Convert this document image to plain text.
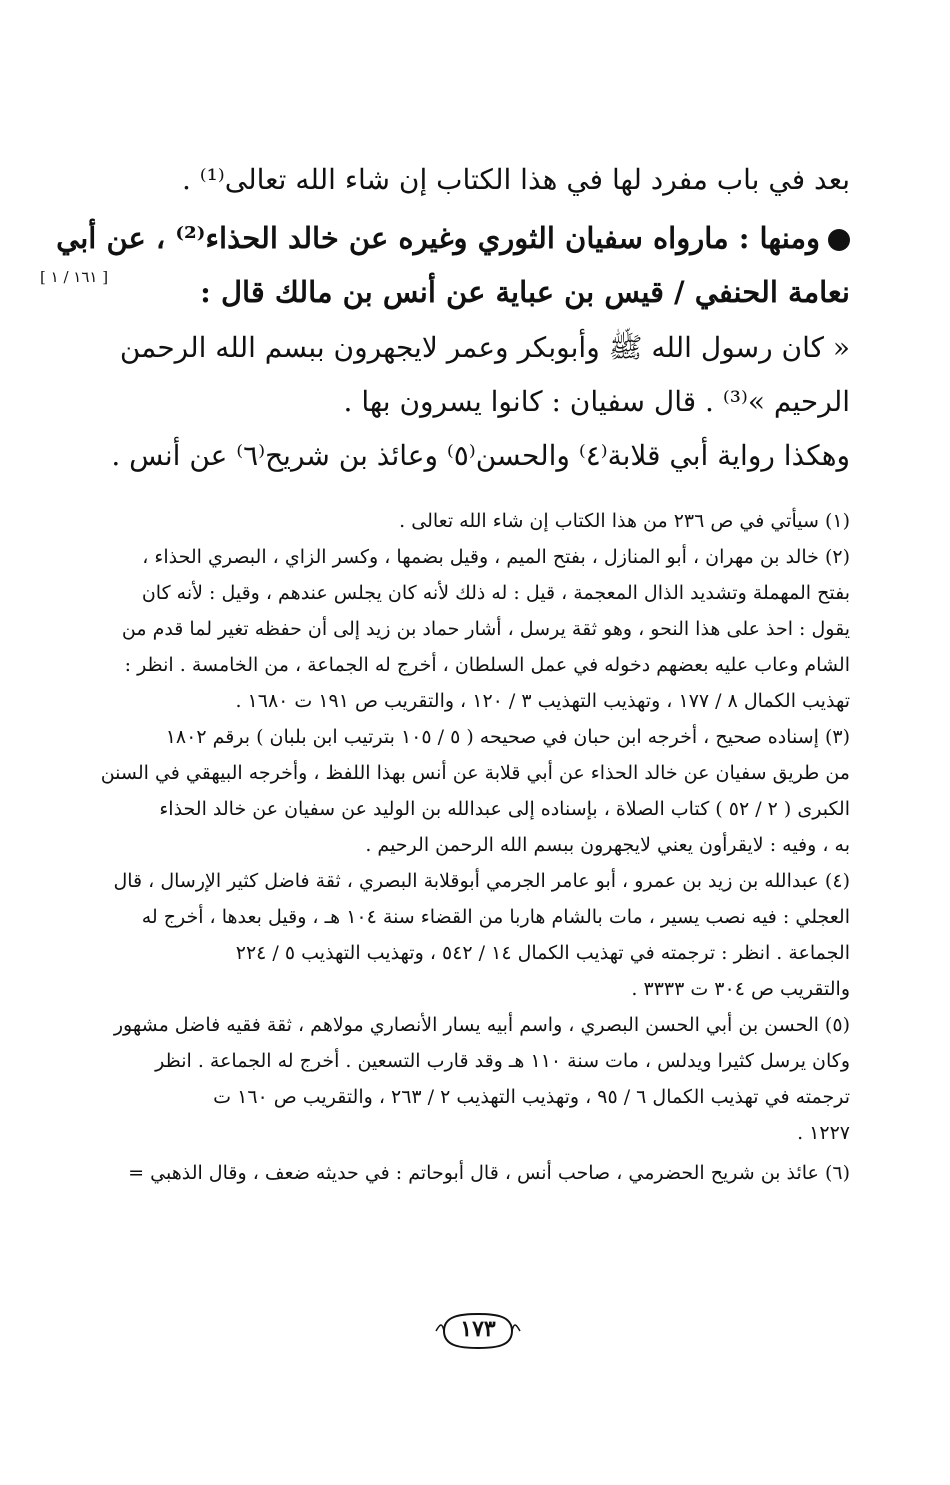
[ ١٦١ / ١ ]
بعد في باب مفرد لها في هذا الكتاب إن شاء الله تعالى⁽¹⁾ .
ومنها : مارواه سفيان الثوري وغيره عن خالد الحذاء⁽²⁾ ، عن أبي
نعامة الحنفي / قيس بن عباية عن أنس بن مالك قال :
« كان رسول الله ﷺ وأبوبكر وعمر لايجهرون ببسم الله الرحمن
الرحيم »⁽³⁾ . قال سفيان : كانوا يسرون بها .
وهكذا رواية أبي قلابة⁽٤⁾ والحسن⁽٥⁾ وعائذ بن شريح⁽٦⁾ عن أنس .
(١) سيأتي في ص ٢٣٦ من هذا الكتاب إن شاء الله تعالى .
(٢) خالد بن مهران ، أبو المنازل ، بفتح الميم ، وقيل بضمها ، وكسر الزاي ، البصري الحذاء ،
بفتح المهملة وتشديد الذال المعجمة ، قيل : له ذلك لأنه كان يجلس عندهم ، وقيل : لأنه كان
يقول : احذ على هذا النحو ، وهو ثقة يرسل ، أشار حماد بن زيد إلى أن حفظه تغير لما قدم من
الشام وعاب عليه بعضهم دخوله في عمل السلطان ، أخرج له الجماعة ، من الخامسة . انظر :
تهذيب الكمال ٨ / ١٧٧ ، وتهذيب التهذيب ٣ / ١٢٠ ، والتقريب ص ١٩١ ت ١٦٨٠ .
(٣) إسناده صحيح ، أخرجه ابن حبان في صحيحه ( ٥ / ١٠٥ بترتيب ابن بلبان ) برقم ١٨٠٢
من طريق سفيان عن خالد الحذاء عن أبي قلابة عن أنس بهذا اللفظ ، وأخرجه البيهقي في السنن
الكبرى ( ٢ / ٥٢ ) كتاب الصلاة ، بإسناده إلى عبدالله بن الوليد عن سفيان عن خالد الحذاء
به ، وفيه : لايقرأون يعني لايجهرون ببسم الله الرحمن الرحيم .
(٤) عبدالله بن زيد بن عمرو ، أبو عامر الجرمي أبوقلابة البصري ، ثقة فاضل كثير الإرسال ، قال
العجلي : فيه نصب يسير ، مات بالشام هاربا من القضاء سنة ١٠٤ هـ ، وقيل بعدها ، أخرج له
الجماعة . انظر : ترجمته في تهذيب الكمال ١٤ / ٥٤٢ ، وتهذيب التهذيب ٥ / ٢٢٤
والتقريب ص ٣٠٤ ت ٣٣٣٣ .
(٥) الحسن بن أبي الحسن البصري ، واسم أبيه يسار الأنصاري مولاهم ، ثقة فقيه فاضل مشهور
وكان يرسل كثيرا ويدلس ، مات سنة ١١٠ هـ وقد قارب التسعين . أخرج له الجماعة . انظر
ترجمته في تهذيب الكمال ٦ / ٩٥ ، وتهذيب التهذيب ٢ / ٢٦٣ ، والتقريب ص ١٦٠ ت
١٢٢٧ .
(٦) عائذ بن شريح الحضرمي ، صاحب أنس ، قال أبوحاتم : في حديثه ضعف ، وقال الذهبي =
١٧٣
